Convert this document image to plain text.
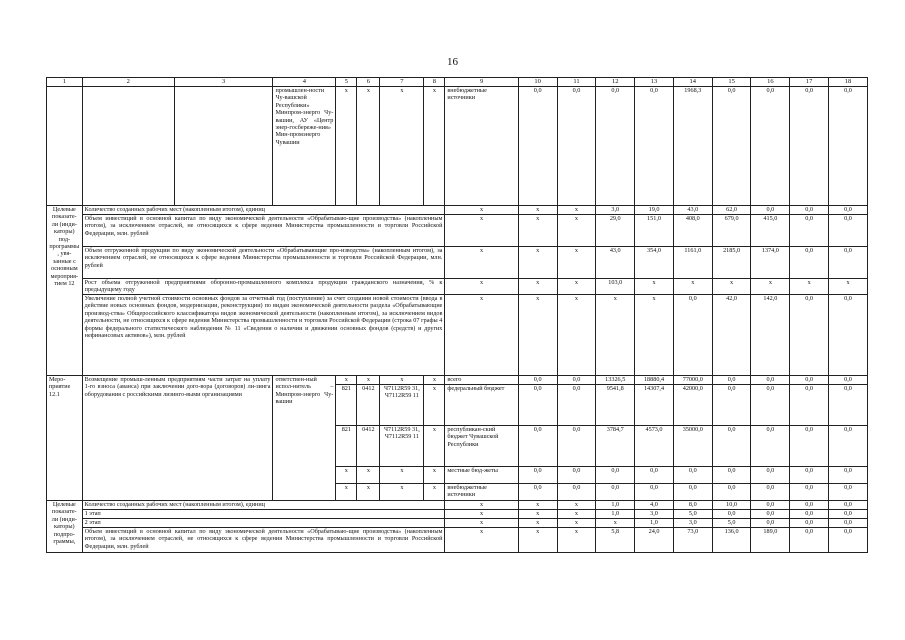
16
1	2	3	4	5	6	7	8	9	10	11	12	13	14	15	16	17	18
			промышлен-ности Чу-вашской Республики» Минпром-энерго Чу-вашии, АУ «Центр энер-госбереже-ния» Мин-промэнерго Чувашии	x	x	x	x	внебюджетные источники	0,0	0,0	0,0	0,0	1968,3	0,0	0,0	0,0	0,0
Целевые показате-ли (инди-каторы) под-программы, увя-занные с основным мероприя-тием 12	Количество созданных рабочих мест (накопленным итогом), единиц							x	x	x	3,0	19,0	43,0	62,0	0,0	0,0	0,0
	Объем инвестиций в основной капитал по виду экономической деятельности «Обрабатываю-щие производства» (накопленным итогом), за исключением отраслей, не относящихся к сфере ведения Министерства промышленности и торговли Российской Федерации, млн. рублей							x	x	x	29,0	151,0	408,0	679,0	415,0	0,0	0,0
	Объем отгруженной продукции по виду экономической деятельности «Обрабатывающие про-изводства» (накопленным итогом), за исключением отраслей, не относящихся к сфере ведения Министерства промышленности и торговли Российской Федерации, млн. рублей							x	x	x	43,0	354,0	1161,0	2185,0	1374,0	0,0	0,0
	Рост объема отгруженной предприятиями оборонно-промышленного комплекса продукции гражданского назначения, % к предыдущему году							x	x	x	103,0	x	x	x	x	x	x
	Увеличение полной учетной стоимости основных фондов за отчетный год (поступление) за счет создания новой стоимости (ввода в действие новых основных фондов, модернизации, реконструкции) по видам экономической деятельности раздела «Обрабатывающие производ-ства» Общероссийского классификатора видов экономической деятельности (накопленным итогом), за исключением видов деятельности, не относящихся к сфере ведения Министерства промышленности и торговли Российской Федерации (строка 07 графы 4 формы федерального статистического наблюдения № 11 «Сведения о наличии и движении основных фондов (средств) и других нефинансовых активов»), млн. рублей							x	x	x	x	x	0,0	42,0	142,0	0,0	0,0
Меро-приятие 12.1	Возмещение промыш-ленным предприятиям части затрат на уплату 1-го взноса (аванса) при заключении дого-вора (договоров) ли-зинга оборудования с российскими лизинго-выми организациями		ответствен-ный испол-нитель – Минпром-энерго Чу-вашии	x	x	x	x	всего	0,0	0,0	13326,5	18880,4	77000,0	0,0	0,0	0,0	0,0
				821	0412	Ч7112R59 31, Ч7112R59 11	x	федеральный бюджет	0,0	0,0	9541,8	14307,4	42000,0	0,0	0,0	0,0	0,0
				821	0412	Ч7112R59 31, Ч7112R59 11	x	республикан-ский бюджет Чувашской Республики	0,0	0,0	3784,7	4573,0	35000,0	0,0	0,0	0,0	0,0
				x	x	x	x	местные бюд-жеты	0,0	0,0	0,0	0,0	0,0	0,0	0,0	0,0	0,0
				x	x	x	x	внебюджетные источники	0,0	0,0	0,0	0,0	0,0	0,0	0,0	0,0	0,0
Целевые показате-ли (инди-каторы) подпро-граммы,	Количество созданных рабочих мест (накопленным итогом), единиц							x	x	x	1,0	4,0	8,0	10,0	0,0	0,0	0,0
	1 этап							x	x	x	1,0	3,0	5,0	0,0	0,0	0,0	0,0
	2 этап							x	x	x	x	1,0	3,0	5,0	0,0	0,0	0,0
	Объем инвестиций в основной капитал по виду экономической деятельности «Обрабатываю-щие производства» (накопленным итогом), за исключением отраслей, не относящихся к сфере ведения Министерства промышленности и торговли Российской Федерации, млн. рублей							x	x	x	5,8	24,0	73,0	136,0	189,0	0,0	0,0
